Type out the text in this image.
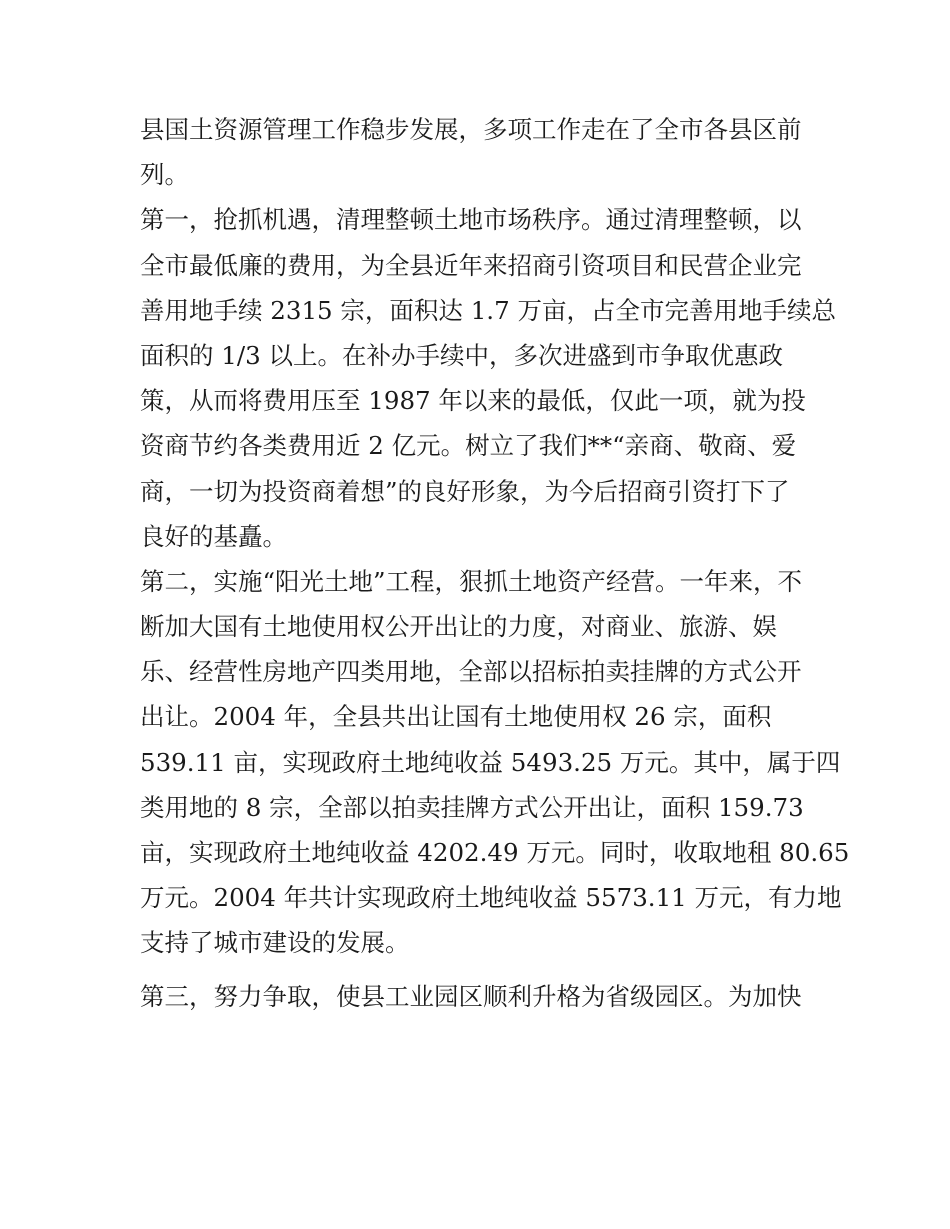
县国土资源管理工作稳步发展，多项工作走在了全市各县区前
列。
第一，抢抓机遇，清理整顿土地市场秩序。通过清理整顿，以
全市最低廉的费用，为全县近年来招商引资项目和民营企业完
善用地手续 2315 宗，面积达 1.7 万亩，占全市完善用地手续总
面积的 1/3 以上。在补办手续中，多次进盛到市争取优惠政
策，从而将费用压至 1987 年以来的最低，仅此一项，就为投
资商节约各类费用近 2 亿元。树立了我们**“亲商、敬商、爱
商，一切为投资商着想”的良好形象，为今后招商引资打下了
良好的基矗。
第二，实施“阳光土地”工程，狠抓土地资产经营。一年来，不
断加大国有土地使用权公开出让的力度，对商业、旅游、娱
乐、经营性房地产四类用地，全部以招标拍卖挂牌的方式公开
出让。2004 年，全县共出让国有土地使用权 26 宗，面积
539.11 亩，实现政府土地纯收益 5493.25 万元。其中，属于四
类用地的 8 宗，全部以拍卖挂牌方式公开出让，面积 159.73
亩，实现政府土地纯收益 4202.49 万元。同时，收取地租 80.65
万元。2004 年共计实现政府土地纯收益 5573.11 万元，有力地
支持了城市建设的发展。
第三，努力争取，使县工业园区顺利升格为省级园区。为加快
